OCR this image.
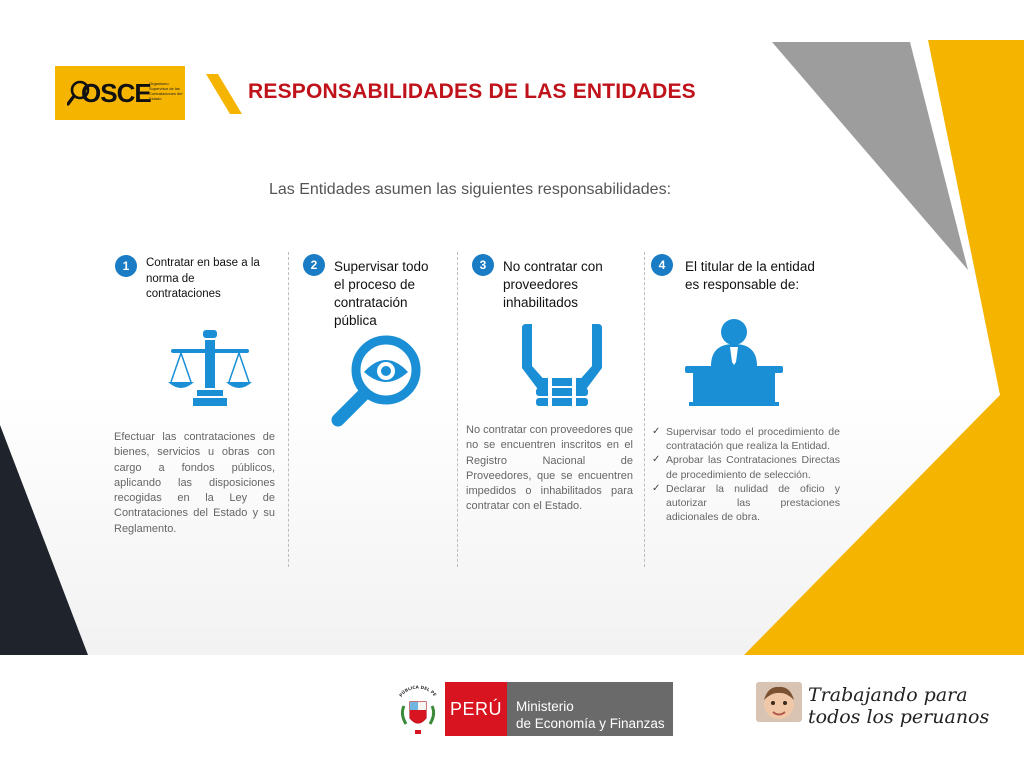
OSCE
Organismo Supervisor de las Contrataciones del Estado	RESPONSABILIDADES DE LAS ENTIDADES
Las Entidades asumen las siguientes responsabilidades:
1	Contratar en base a la
norma de
contrataciones
Efectuar las contrataciones de bienes, servicios u obras con cargo a fondos públicos, aplicando las disposiciones recogidas en la Ley de Contrataciones del Estado y su Reglamento.
2	Supervisar todo
el proceso de
contratación
pública
3	No contratar con
proveedores
inhabilitados
No contratar con proveedores que no se encuentren inscritos en el Registro Nacional de Proveedores, que se encuentren impedidos o inhabilitados para contratar con el Estado.
4	El titular de la entidad
es responsable de:
✓ Supervisar todo el procedimiento de contratación que realiza la Entidad.
✓ Aprobar las Contrataciones Directas de procedimiento de selección.
✓ Declarar la nulidad de oficio y autorizar las prestaciones adicionales de obra.
PÚBLICA DEL PE
PERÚ	Ministerio
de Economía y Finanzas
Trabajando para
todos los peruanos
